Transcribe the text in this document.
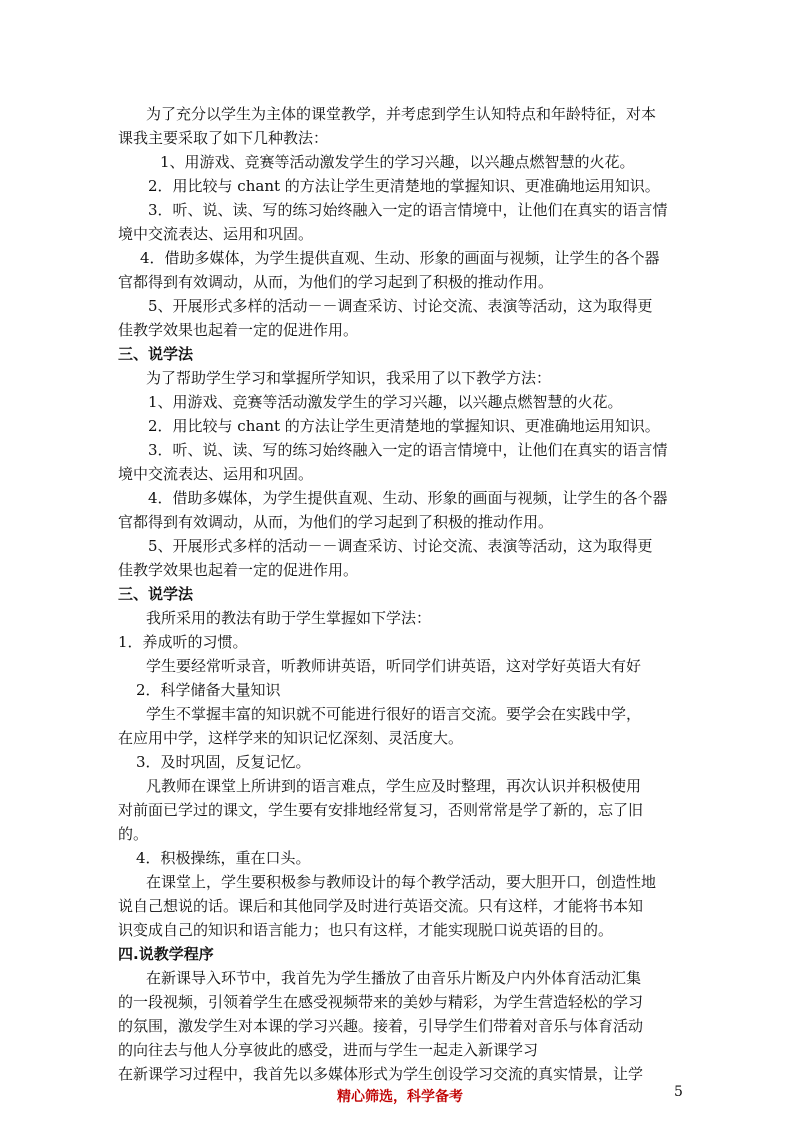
为了充分以学生为主体的课堂教学，并考虑到学生认知特点和年龄特征，对本
课我主要采取了如下几种教法：
1、用游戏、竞赛等活动激发学生的学习兴趣，以兴趣点燃智慧的火花。
2．用比较与 chant 的方法让学生更清楚地的掌握知识、更准确地运用知识。
3．听、说、读、写的练习始终融入一定的语言情境中，让他们在真实的语言情
境中交流表达、运用和巩固。
4．借助多媒体，为学生提供直观、生动、形象的画面与视频，让学生的各个器
官都得到有效调动，从而，为他们的学习起到了积极的推动作用。
5、开展形式多样的活动－－调查采访、讨论交流、表演等活动，这为取得更
佳教学效果也起着一定的促进作用。
三、说学法
为了帮助学生学习和掌握所学知识，我采用了以下教学方法：
1、用游戏、竞赛等活动激发学生的学习兴趣，以兴趣点燃智慧的火花。
2．用比较与 chant 的方法让学生更清楚地的掌握知识、更准确地运用知识。
3．听、说、读、写的练习始终融入一定的语言情境中，让他们在真实的语言情
境中交流表达、运用和巩固。
4．借助多媒体，为学生提供直观、生动、形象的画面与视频，让学生的各个器
官都得到有效调动，从而，为他们的学习起到了积极的推动作用。
5、开展形式多样的活动－－调查采访、讨论交流、表演等活动，这为取得更
佳教学效果也起着一定的促进作用。
三、说学法
我所采用的教法有助于学生掌握如下学法：
1．养成听的习惯。
学生要经常听录音，听教师讲英语，听同学们讲英语，这对学好英语大有好
2．科学储备大量知识
学生不掌握丰富的知识就不可能进行很好的语言交流。要学会在实践中学，
在应用中学，这样学来的知识记忆深刻、灵活度大。
3．及时巩固，反复记忆。
凡教师在课堂上所讲到的语言难点，学生应及时整理，再次认识并积极使用
对前面已学过的课文，学生要有安排地经常复习，否则常常是学了新的，忘了旧
的。
4．积极操练，重在口头。
在课堂上，学生要积极参与教师设计的每个教学活动，要大胆开口，创造性地
说自己想说的话。课后和其他同学及时进行英语交流。只有这样，才能将书本知
识变成自己的知识和语言能力；也只有这样，才能实现脱口说英语的目的。
四.说教学程序
在新课导入环节中，我首先为学生播放了由音乐片断及户内外体育活动汇集
的一段视频，引领着学生在感受视频带来的美妙与精彩，为学生营造轻松的学习
的氛围，激发学生对本课的学习兴趣。接着，引导学生们带着对音乐与体育活动
的向往去与他人分享彼此的感受，进而与学生一起走入新课学习
在新课学习过程中，我首先以多媒体形式为学生创设学习交流的真实情景，让学
精心筛选，科学备考	5
